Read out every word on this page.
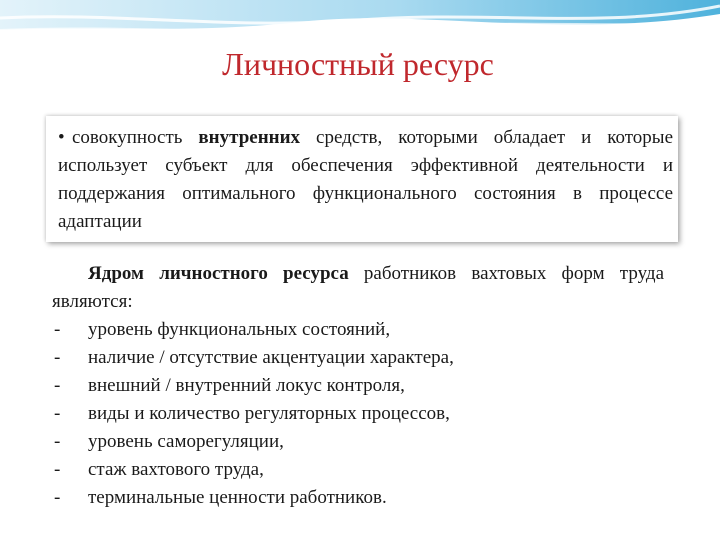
Личностный ресурс
• совокупность внутренних средств, которыми обладает и которые использует субъект для обеспечения эффективной деятельности и поддержания оптимального функционального состояния в процессе адаптации

Ядром личностного ресурса работников вахтовых форм труда являются:

- уровень функциональных состояний,
- наличие / отсутствие акцентуации характера,
- внешний / внутренний локус контроля,
- виды и количество регуляторных процессов,
- уровень саморегуляции,
- стаж вахтового труда,
- терминальные ценности работников.
